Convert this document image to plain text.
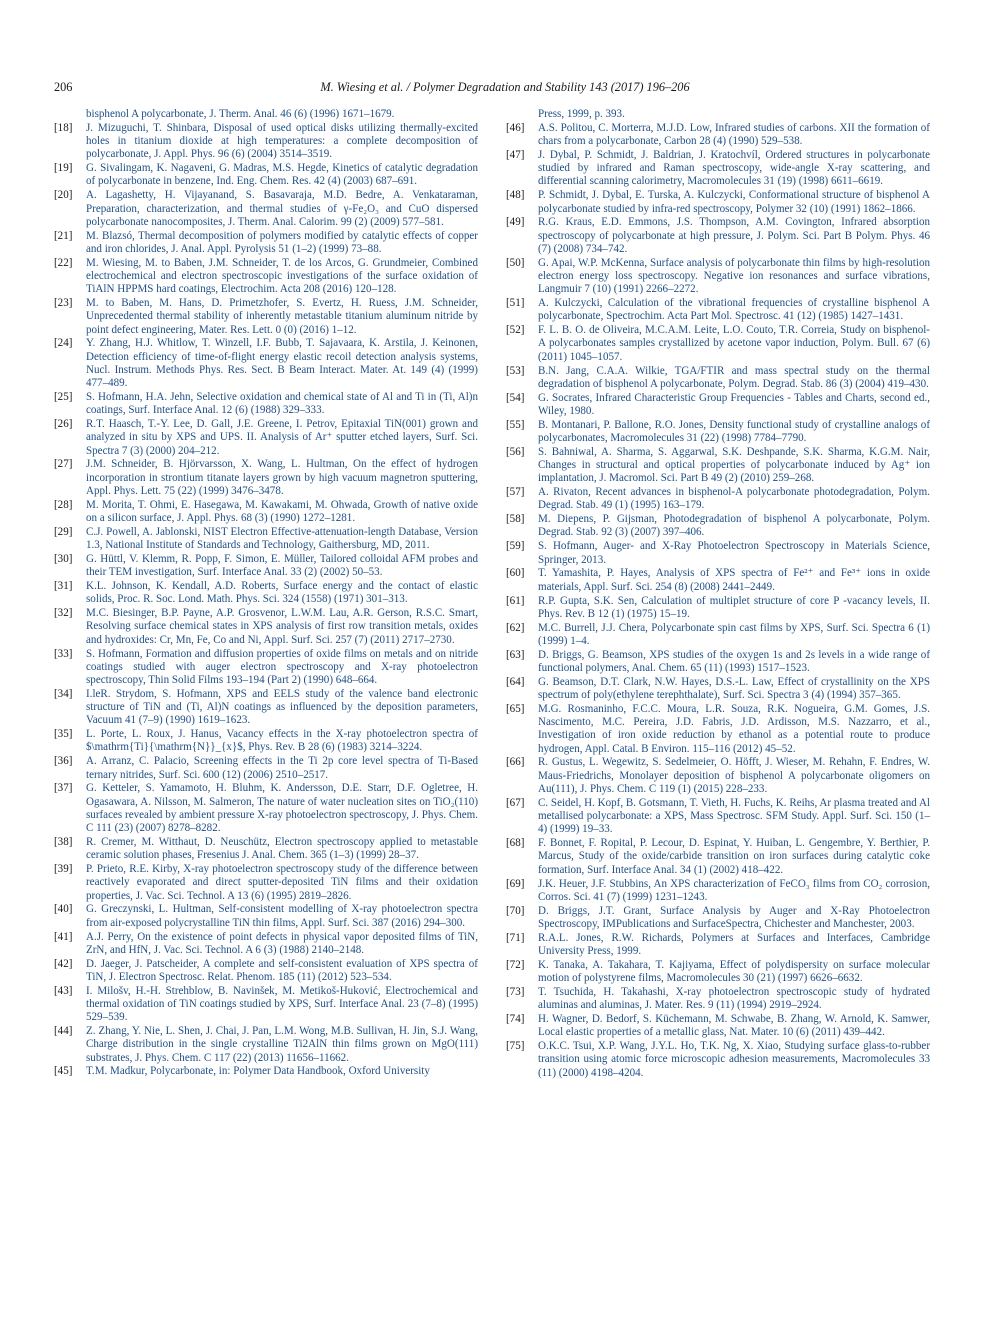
206	M. Wiesing et al. / Polymer Degradation and Stability 143 (2017) 196–206
bisphenol A polycarbonate, J. Therm. Anal. 46 (6) (1996) 1671–1679.
[18] J. Mizuguchi, T. Shinbara, Disposal of used optical disks utilizing thermally-excited holes in titanium dioxide at high temperatures: a complete decomposition of polycarbonate, J. Appl. Phys. 96 (6) (2004) 3514–3519.
[19] G. Sivalingam, K. Nagaveni, G. Madras, M.S. Hegde, Kinetics of catalytic degradation of polycarbonate in benzene, Ind. Eng. Chem. Res. 42 (4) (2003) 687–691.
[20] A. Lagashetty, H. Vijayanand, S. Basavaraja, M.D. Bedre, A. Venkataraman, Preparation, characterization, and thermal studies of γ-Fe₂O₃ and CuO dispersed polycarbonate nanocomposites, J. Therm. Anal. Calorim. 99 (2) (2009) 577–581.
[21] M. Blazsó, Thermal decomposition of polymers modified by catalytic effects of copper and iron chlorides, J. Anal. Appl. Pyrolysis 51 (1–2) (1999) 73–88.
[22] M. Wiesing, M. to Baben, J.M. Schneider, T. de los Arcos, G. Grundmeier, Combined electrochemical and electron spectroscopic investigations of the surface oxidation of TiAlN HPPMS hard coatings, Electrochim. Acta 208 (2016) 120–128.
[23] M. to Baben, M. Hans, D. Primetzhofer, S. Evertz, H. Ruess, J.M. Schneider, Unprecedented thermal stability of inherently metastable titanium aluminum nitride by point defect engineering, Mater. Res. Lett. 0 (0) (2016) 1–12.
[24] Y. Zhang, H.J. Whitlow, T. Winzell, I.F. Bubb, T. Sajavaara, K. Arstila, J. Keinonen, Detection efficiency of time-of-flight energy elastic recoil detection analysis systems, Nucl. Instrum. Methods Phys. Res. Sect. B Beam Interact. Mater. At. 149 (4) (1999) 477–489.
[25] S. Hofmann, H.A. Jehn, Selective oxidation and chemical state of Al and Ti in (Ti, Al)n coatings, Surf. Interface Anal. 12 (6) (1988) 329–333.
[26] R.T. Haasch, T.-Y. Lee, D. Gall, J.E. Greene, I. Petrov, Epitaxial TiN(001) grown and analyzed in situ by XPS and UPS. II. Analysis of Ar⁺ sputter etched layers, Surf. Sci. Spectra 7 (3) (2000) 204–212.
[27] J.M. Schneider, B. Hjörvarsson, X. Wang, L. Hultman, On the effect of hydrogen incorporation in strontium titanate layers grown by high vacuum magnetron sputtering, Appl. Phys. Lett. 75 (22) (1999) 3476–3478.
[28] M. Morita, T. Ohmi, E. Hasegawa, M. Kawakami, M. Ohwada, Growth of native oxide on a silicon surface, J. Appl. Phys. 68 (3) (1990) 1272–1281.
[29] C.J. Powell, A. Jablonski, NIST Electron Effective-attenuation-length Database, Version 1.3, National Institute of Standards and Technology, Gaithersburg, MD, 2011.
[30] G. Hüttl, V. Klemm, R. Popp, F. Simon, E. Müller, Tailored colloidal AFM probes and their TEM investigation, Surf. Interface Anal. 33 (2) (2002) 50–53.
[31] K.L. Johnson, K. Kendall, A.D. Roberts, Surface energy and the contact of elastic solids, Proc. R. Soc. Lond. Math. Phys. Sci. 324 (1558) (1971) 301–313.
[32] M.C. Biesinger, B.P. Payne, A.P. Grosvenor, L.W.M. Lau, A.R. Gerson, R.S.C. Smart, Resolving surface chemical states in XPS analysis of first row transition metals, oxides and hydroxides: Cr, Mn, Fe, Co and Ni, Appl. Surf. Sci. 257 (7) (2011) 2717–2730.
[33] S. Hofmann, Formation and diffusion properties of oxide films on metals and on nitride coatings studied with auger electron spectroscopy and X-ray photoelectron spectroscopy, Thin Solid Films 193–194 (Part 2) (1990) 648–664.
[34] I.leR. Strydom, S. Hofmann, XPS and EELS study of the valence band electronic structure of TiN and (Ti, Al)N coatings as influenced by the deposition parameters, Vacuum 41 (7–9) (1990) 1619–1623.
[35] L. Porte, L. Roux, J. Hanus, Vacancy effects in the X-ray photoelectron spectra of $\mathrm{Ti}{\mathrm{N}}_{x}$, Phys. Rev. B 28 (6) (1983) 3214–3224.
[36] A. Arranz, C. Palacio, Screening effects in the Ti 2p core level spectra of Ti-Based ternary nitrides, Surf. Sci. 600 (12) (2006) 2510–2517.
[37] G. Ketteler, S. Yamamoto, H. Bluhm, K. Andersson, D.E. Starr, D.F. Ogletree, H. Ogasawara, A. Nilsson, M. Salmeron, The nature of water nucleation sites on TiO₂(110) surfaces revealed by ambient pressure X-ray photoelectron spectroscopy, J. Phys. Chem. C 111 (23) (2007) 8278–8282.
[38] R. Cremer, M. Witthaut, D. Neuschütz, Electron spectroscopy applied to metastable ceramic solution phases, Fresenius J. Anal. Chem. 365 (1–3) (1999) 28–37.
[39] P. Prieto, R.E. Kirby, X-ray photoelectron spectroscopy study of the difference between reactively evaporated and direct sputter-deposited TiN films and their oxidation properties, J. Vac. Sci. Technol. A 13 (6) (1995) 2819–2826.
[40] G. Greczynski, L. Hultman, Self-consistent modelling of X-ray photoelectron spectra from air-exposed polycrystalline TiN thin films, Appl. Surf. Sci. 387 (2016) 294–300.
[41] A.J. Perry, On the existence of point defects in physical vapor deposited films of TiN, ZrN, and HfN, J. Vac. Sci. Technol. A 6 (3) (1988) 2140–2148.
[42] D. Jaeger, J. Patscheider, A complete and self-consistent evaluation of XPS spectra of TiN, J. Electron Spectrosc. Relat. Phenom. 185 (11) (2012) 523–534.
[43] I. Milošv, H.-H. Strehblow, B. Navinšek, M. Metikoš-Huković, Electrochemical and thermal oxidation of TiN coatings studied by XPS, Surf. Interface Anal. 23 (7–8) (1995) 529–539.
[44] Z. Zhang, Y. Nie, L. Shen, J. Chai, J. Pan, L.M. Wong, M.B. Sullivan, H. Jin, S.J. Wang, Charge distribution in the single crystalline Ti2AlN thin films grown on MgO(111) substrates, J. Phys. Chem. C 117 (22) (2013) 11656–11662.
[45] T.M. Madkur, Polycarbonate, in: Polymer Data Handbook, Oxford University
Press, 1999, p. 393.
[46] A.S. Politou, C. Morterra, M.J.D. Low, Infrared studies of carbons. XII the formation of chars from a polycarbonate, Carbon 28 (4) (1990) 529–538.
[47] J. Dybal, P. Schmidt, J. Baldrian, J. Kratochvíl, Ordered structures in polycarbonate studied by infrared and Raman spectroscopy, wide-angle X-ray scattering, and differential scanning calorimetry, Macromolecules 31 (19) (1998) 6611–6619.
[48] P. Schmidt, J. Dybal, E. Turska, A. Kulczycki, Conformational structure of bisphenol A polycarbonate studied by infra-red spectroscopy, Polymer 32 (10) (1991) 1862–1866.
[49] R.G. Kraus, E.D. Emmons, J.S. Thompson, A.M. Covington, Infrared absorption spectroscopy of polycarbonate at high pressure, J. Polym. Sci. Part B Polym. Phys. 46 (7) (2008) 734–742.
[50] G. Apai, W.P. McKenna, Surface analysis of polycarbonate thin films by high-resolution electron energy loss spectroscopy. Negative ion resonances and surface vibrations, Langmuir 7 (10) (1991) 2266–2272.
[51] A. Kulczycki, Calculation of the vibrational frequencies of crystalline bisphenol A polycarbonate, Spectrochim. Acta Part Mol. Spectrosc. 41 (12) (1985) 1427–1431.
[52] F. L. B. O. de Oliveira, M.C.A.M. Leite, L.O. Couto, T.R. Correia, Study on bisphenol-A polycarbonates samples crystallized by acetone vapor induction, Polym. Bull. 67 (6) (2011) 1045–1057.
[53] B.N. Jang, C.A.A. Wilkie, TGA/FTIR and mass spectral study on the thermal degradation of bisphenol A polycarbonate, Polym. Degrad. Stab. 86 (3) (2004) 419–430.
[54] G. Socrates, Infrared Characteristic Group Frequencies - Tables and Charts, second ed., Wiley, 1980.
[55] B. Montanari, P. Ballone, R.O. Jones, Density functional study of crystalline analogs of polycarbonates, Macromolecules 31 (22) (1998) 7784–7790.
[56] S. Bahniwal, A. Sharma, S. Aggarwal, S.K. Deshpande, S.K. Sharma, K.G.M. Nair, Changes in structural and optical properties of polycarbonate induced by Ag⁺ ion implantation, J. Macromol. Sci. Part B 49 (2) (2010) 259–268.
[57] A. Rivaton, Recent advances in bisphenol-A polycarbonate photodegradation, Polym. Degrad. Stab. 49 (1) (1995) 163–179.
[58] M. Diepens, P. Gijsman, Photodegradation of bisphenol A polycarbonate, Polym. Degrad. Stab. 92 (3) (2007) 397–406.
[59] S. Hofmann, Auger- and X-Ray Photoelectron Spectroscopy in Materials Science, Springer, 2013.
[60] T. Yamashita, P. Hayes, Analysis of XPS spectra of Fe²⁺ and Fe³⁺ ions in oxide materials, Appl. Surf. Sci. 254 (8) (2008) 2441–2449.
[61] R.P. Gupta, S.K. Sen, Calculation of multiplet structure of core P -vacancy levels, II. Phys. Rev. B 12 (1) (1975) 15–19.
[62] M.C. Burrell, J.J. Chera, Polycarbonate spin cast films by XPS, Surf. Sci. Spectra 6 (1) (1999) 1–4.
[63] D. Briggs, G. Beamson, XPS studies of the oxygen 1s and 2s levels in a wide range of functional polymers, Anal. Chem. 65 (11) (1993) 1517–1523.
[64] G. Beamson, D.T. Clark, N.W. Hayes, D.S.-L. Law, Effect of crystallinity on the XPS spectrum of poly(ethylene terephthalate), Surf. Sci. Spectra 3 (4) (1994) 357–365.
[65] M.G. Rosmaninho, F.C.C. Moura, L.R. Souza, R.K. Nogueira, G.M. Gomes, J.S. Nascimento, M.C. Pereira, J.D. Fabris, J.D. Ardisson, M.S. Nazzarro, et al., Investigation of iron oxide reduction by ethanol as a potential route to produce hydrogen, Appl. Catal. B Environ. 115–116 (2012) 45–52.
[66] R. Gustus, L. Wegewitz, S. Sedelmeier, O. Höfft, J. Wieser, M. Rehahn, F. Endres, W. Maus-Friedrichs, Monolayer deposition of bisphenol A polycarbonate oligomers on Au(111), J. Phys. Chem. C 119 (1) (2015) 228–233.
[67] C. Seidel, H. Kopf, B. Gotsmann, T. Vieth, H. Fuchs, K. Reihs, Ar plasma treated and Al metallised polycarbonate: a XPS, Mass Spectrosc. SFM Study. Appl. Surf. Sci. 150 (1–4) (1999) 19–33.
[68] F. Bonnet, F. Ropital, P. Lecour, D. Espinat, Y. Huiban, L. Gengembre, Y. Berthier, P. Marcus, Study of the oxide/carbide transition on iron surfaces during catalytic coke formation, Surf. Interface Anal. 34 (1) (2002) 418–422.
[69] J.K. Heuer, J.F. Stubbins, An XPS characterization of FeCO₃ films from CO₂ corrosion, Corros. Sci. 41 (7) (1999) 1231–1243.
[70] D. Briggs, J.T. Grant, Surface Analysis by Auger and X-Ray Photoelectron Spectroscopy, IMPublications and SurfaceSpectra, Chichester and Manchester, 2003.
[71] R.A.L. Jones, R.W. Richards, Polymers at Surfaces and Interfaces, Cambridge University Press, 1999.
[72] K. Tanaka, A. Takahara, T. Kajiyama, Effect of polydispersity on surface molecular motion of polystyrene films, Macromolecules 30 (21) (1997) 6626–6632.
[73] T. Tsuchida, H. Takahashi, X-ray photoelectron spectroscopic study of hydrated aluminas and aluminas, J. Mater. Res. 9 (11) (1994) 2919–2924.
[74] H. Wagner, D. Bedorf, S. Küchemann, M. Schwabe, B. Zhang, W. Arnold, K. Samwer, Local elastic properties of a metallic glass, Nat. Mater. 10 (6) (2011) 439–442.
[75] O.K.C. Tsui, X.P. Wang, J.Y.L. Ho, T.K. Ng, X. Xiao, Studying surface glass-to-rubber transition using atomic force microscopic adhesion measurements, Macromolecules 33 (11) (2000) 4198–4204.
